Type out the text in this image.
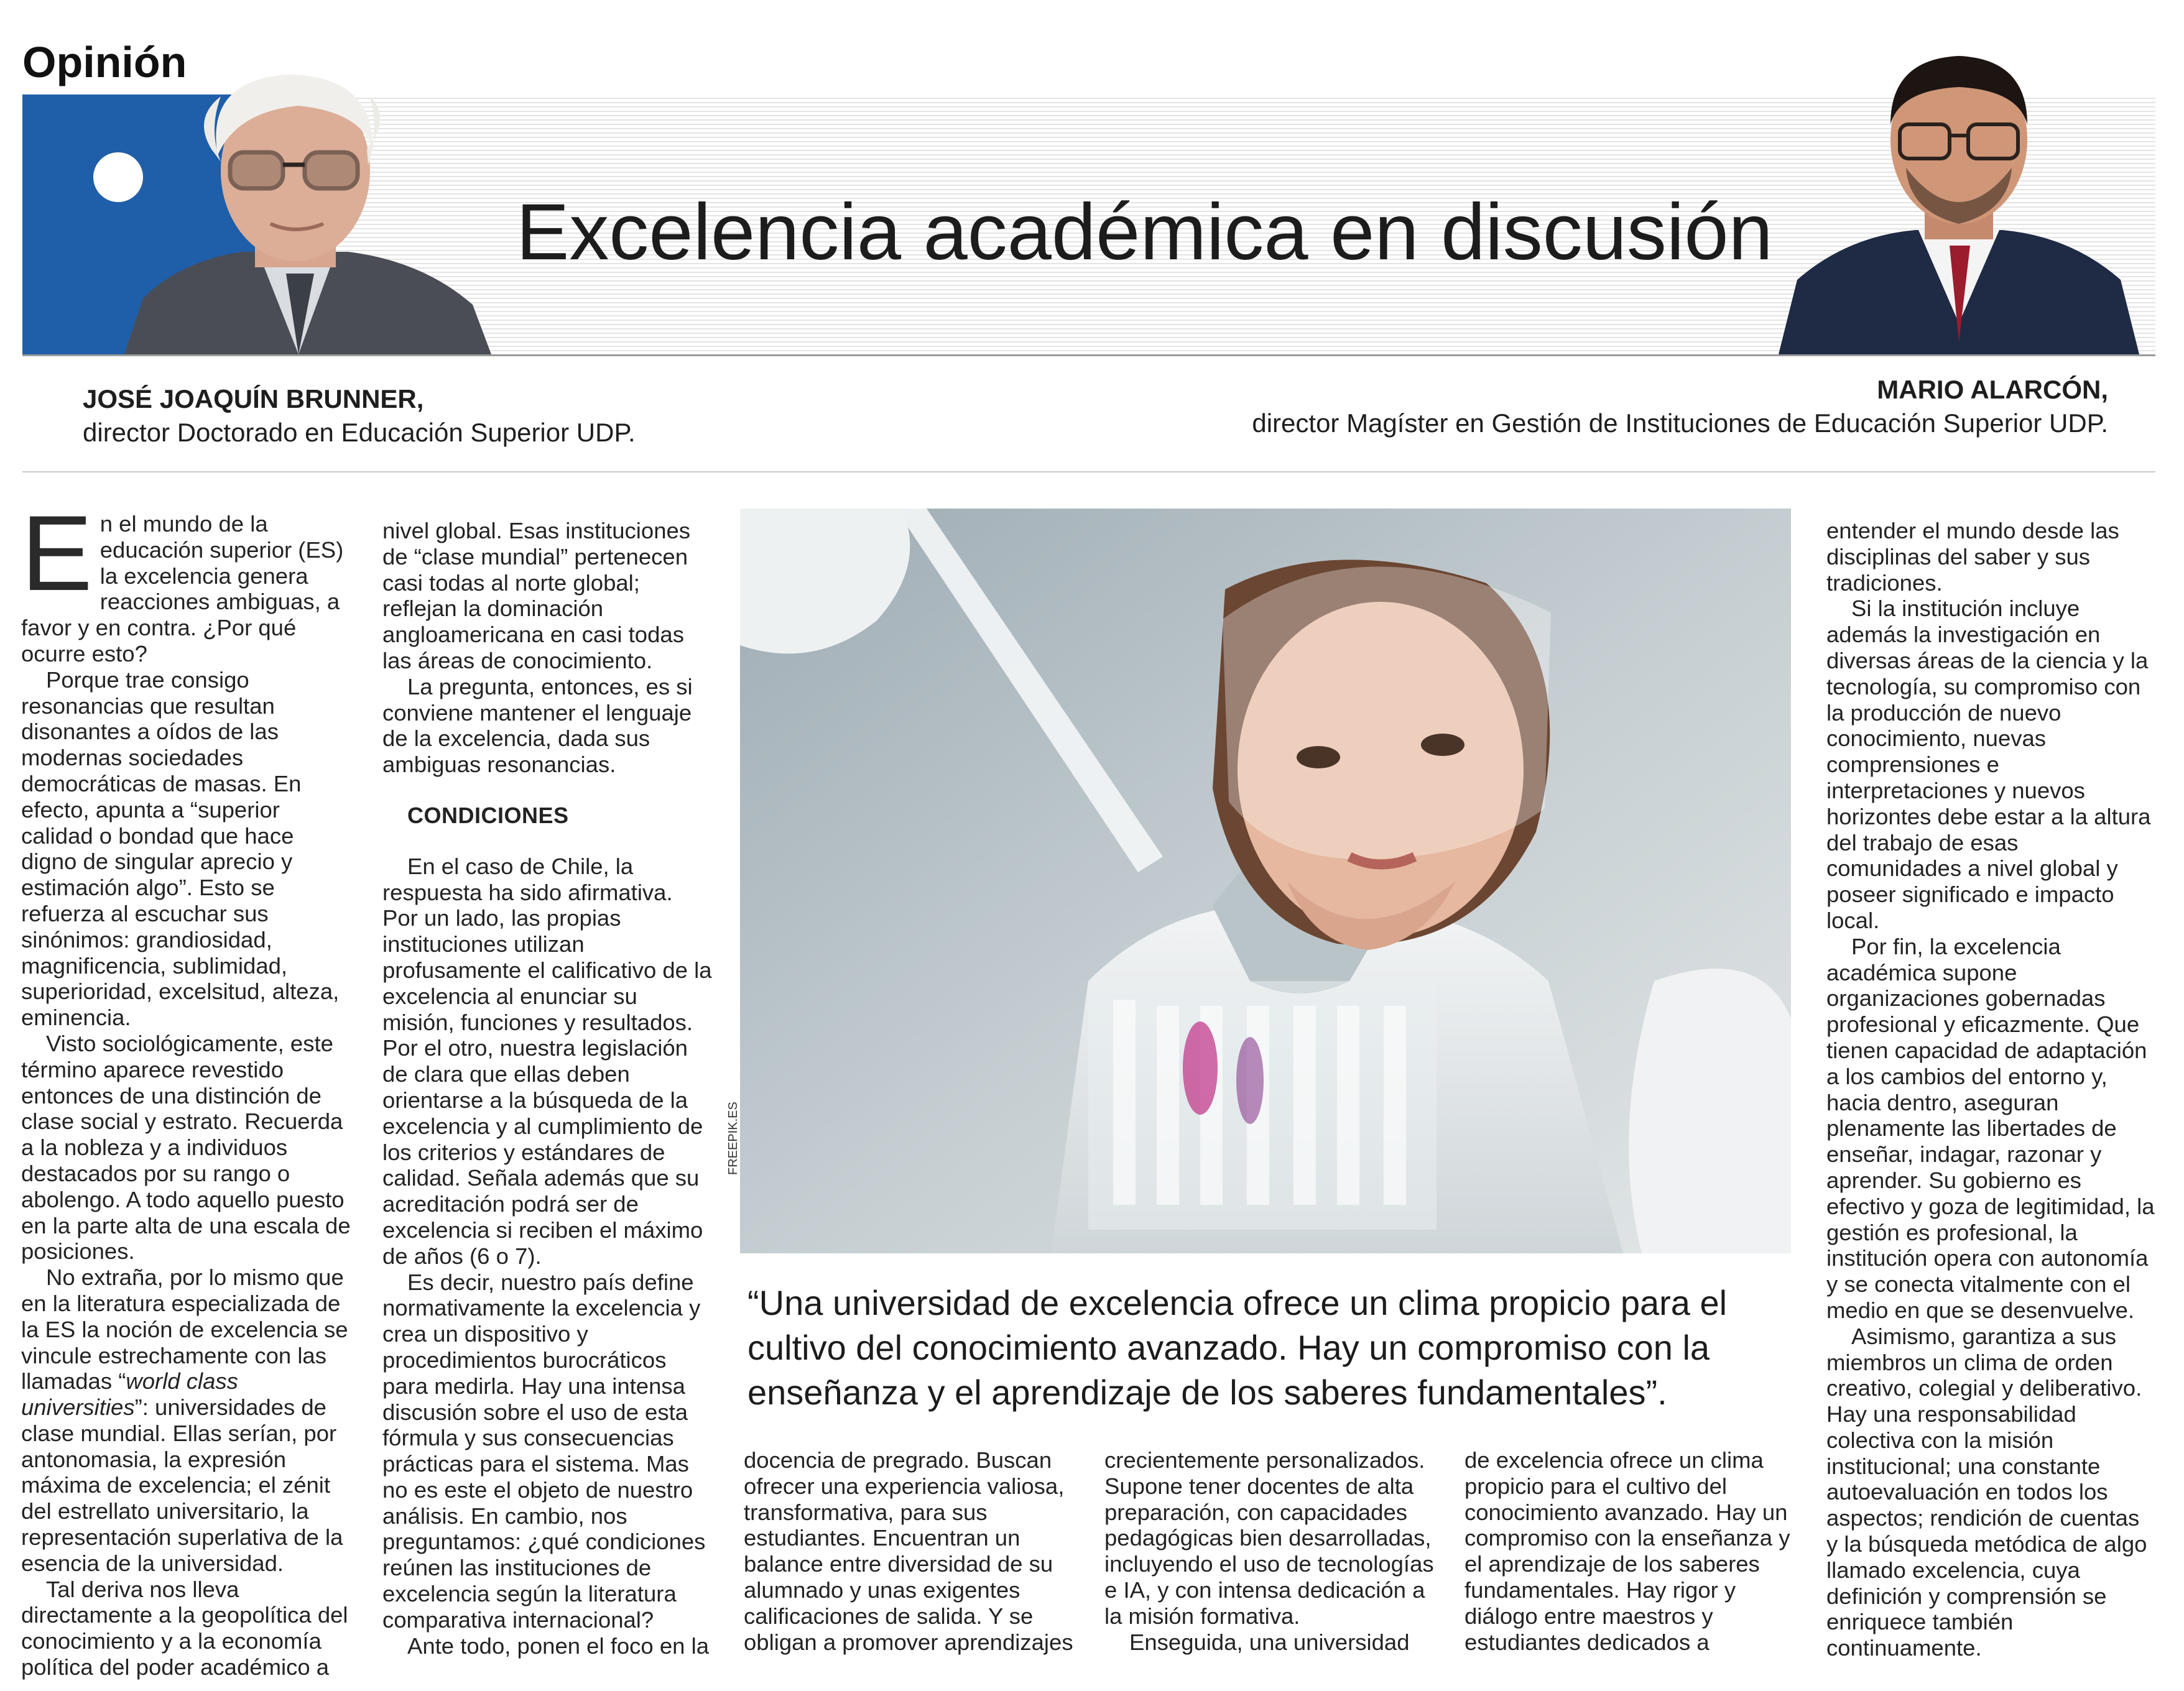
Opinión
Excelencia académica en discusión
JOSÉ JOAQUÍN BRUNNER,
director Doctorado en Educación Superior UDP.
MARIO ALARCÓN,
director Magíster en Gestión de Instituciones de Educación Superior UDP.

En el mundo de la educación superior (ES) la excelencia genera reacciones ambiguas, a favor y en contra. ¿Por qué ocurre esto?

Porque trae consigo resonancias que resultan disonantes a oídos de las modernas sociedades democráticas de masas. En efecto, apunta a “superior calidad o bondad que hace digno de singular aprecio y estimación algo”. Esto se refuerza al escuchar sus sinónimos: grandiosidad, magnificencia, sublimidad, superioridad, excelsitud, alteza, eminencia.

Visto sociológicamente, este término aparece revestido entonces de una distinción de clase social y estrato. Recuerda a la nobleza y a individuos destacados por su rango o abolengo. A todo aquello puesto en la parte alta de una escala de posiciones.

No extraña, por lo mismo que en la literatura especializada de la ES la noción de excelencia se vincule estrechamente con las llamadas “world class universities”: universidades de clase mundial. Ellas serían, por antonomasia, la expresión máxima de excelencia; el zénit del estrellato universitario, la representación superlativa de la esencia de la universidad.

Tal deriva nos lleva directamente a la geopolítica del conocimiento y a la economía política del poder académico a

nivel global. Esas instituciones de “clase mundial” pertenecen casi todas al norte global; reflejan la dominación angloamericana en casi todas las áreas de conocimiento.

La pregunta, entonces, es si conviene mantener el lenguaje de la excelencia, dada sus ambiguas resonancias.

CONDICIONES

En el caso de Chile, la respuesta ha sido afirmativa. Por un lado, las propias instituciones utilizan profusamente el calificativo de la excelencia al enunciar su misión, funciones y resultados. Por el otro, nuestra legislación de clara que ellas deben orientarse a la búsqueda de la excelencia y al cumplimiento de los criterios y estándares de calidad. Señala además que su acreditación podrá ser de excelencia si reciben el máximo de años (6 o 7).

Es decir, nuestro país define normativamente la excelencia y crea un dispositivo y procedimientos burocráticos para medirla. Hay una intensa discusión sobre el uso de esta fórmula y sus consecuencias prácticas para el sistema. Mas no es este el objeto de nuestro análisis. En cambio, nos preguntamos: ¿qué condiciones reúnen las instituciones de excelencia según la literatura comparativa internacional?

Ante todo, ponen el foco en la

FREEPIK.ES
“Una universidad de excelencia ofrece un clima propicio para el cultivo del conocimiento avanzado. Hay un compromiso con la enseñanza y el aprendizaje de los saberes fundamentales”.

docencia de pregrado. Buscan ofrecer una experiencia valiosa, transformativa, para sus estudiantes. Encuentran un balance entre diversidad de su alumnado y unas exigentes calificaciones de salida. Y se obligan a promover aprendizajes

crecientemente personalizados. Supone tener docentes de alta preparación, con capacidades pedagógicas bien desarrolladas, incluyendo el uso de tecnologías e IA, y con intensa dedicación a la misión formativa.

Enseguida, una universidad

de excelencia ofrece un clima propicio para el cultivo del conocimiento avanzado. Hay un compromiso con la enseñanza y el aprendizaje de los saberes fundamentales. Hay rigor y diálogo entre maestros y estudiantes dedicados a

entender el mundo desde las disciplinas del saber y sus tradiciones.

Si la institución incluye además la investigación en diversas áreas de la ciencia y la tecnología, su compromiso con la producción de nuevo conocimiento, nuevas comprensiones e interpretaciones y nuevos horizontes debe estar a la altura del trabajo de esas comunidades a nivel global y poseer significado e impacto local.

Por fin, la excelencia académica supone organizaciones gobernadas profesional y eficazmente. Que tienen capacidad de adaptación a los cambios del entorno y, hacia dentro, aseguran plenamente las libertades de enseñar, indagar, razonar y aprender. Su gobierno es efectivo y goza de legitimidad, la gestión es profesional, la institución opera con autonomía y se conecta vitalmente con el medio en que se desenvuelve.

Asimismo, garantiza a sus miembros un clima de orden creativo, colegial y deliberativo. Hay una responsabilidad colectiva con la misión institucional; una constante autoevaluación en todos los aspectos; rendición de cuentas y la búsqueda metódica de algo llamado excelencia, cuya definición y comprensión se enriquece también continuamente.
